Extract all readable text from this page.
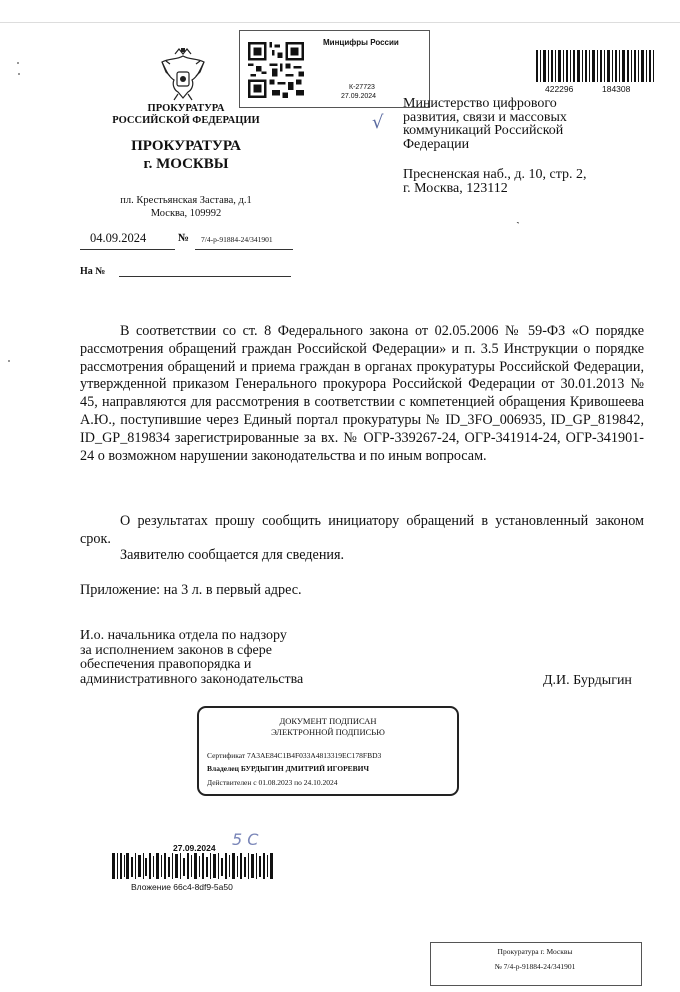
ПРОКУРАТУРА
РОССИЙСКОЙ ФЕДЕРАЦИИ
ПРОКУРАТУРА
г. МОСКВЫ
пл. Крестьянская Застава, д.1
Москва, 109992
04.09.2024	№ 7/4-р-91884-24/341901
На №
Минцифры России
К-27723
27.09.2024
422296	184308
√
Министерство цифрового
развития, связи и массовых
коммуникаций Российской
Федерации
Пресненская наб., д. 10, стр. 2,
г. Москва, 123112
˺
В соответствии со ст. 8 Федерального закона от 02.05.2006 № 59-ФЗ «О порядке рассмотрения обращений граждан Российской Федерации» и п. 3.5 Инструкции о порядке рассмотрения обращений и приема граждан в органах прокуратуры Российской Федерации, утвержденной приказом Генерального прокурора Российской Федерации от 30.01.2013 № 45, направляются для рассмотрения в соответствии с компетенцией обращения Кривошеева А.Ю., поступившие через Единый портал прокуратуры № ID_3FO_006935, ID_GP_819842, ID_GP_819834 зарегистрированные за вх. № ОГР-339267-24, ОГР-341914-24, ОГР-341901-24 о возможном нарушении законодательства и по иным вопросам.
О результатах прошу сообщить инициатору обращений в установленный законом срок.
Заявителю сообщается для сведения.
Приложение: на 3 л. в первый адрес.
И.о. начальника отдела по надзору
за исполнением законов в сфере
обеспечения правопорядка и
административного законодательства	Д.И. Бурдыгин
ДОКУМЕНТ ПОДПИСАН
ЭЛЕКТРОННОЙ ПОДПИСЬЮ
Сертификат 7A3AE84C1B4F033A4813319EC178FBD3
Владелец БУРДЫГИН ДМИТРИЙ ИГОРЕВИЧ
Действителен с 01.08.2023 по 24.10.2024
27.09.2024 5 С
Вложение 66c4-8df9-5a50
Прокуратура г. Москвы
№ 7/4-р-91884-24/341901
